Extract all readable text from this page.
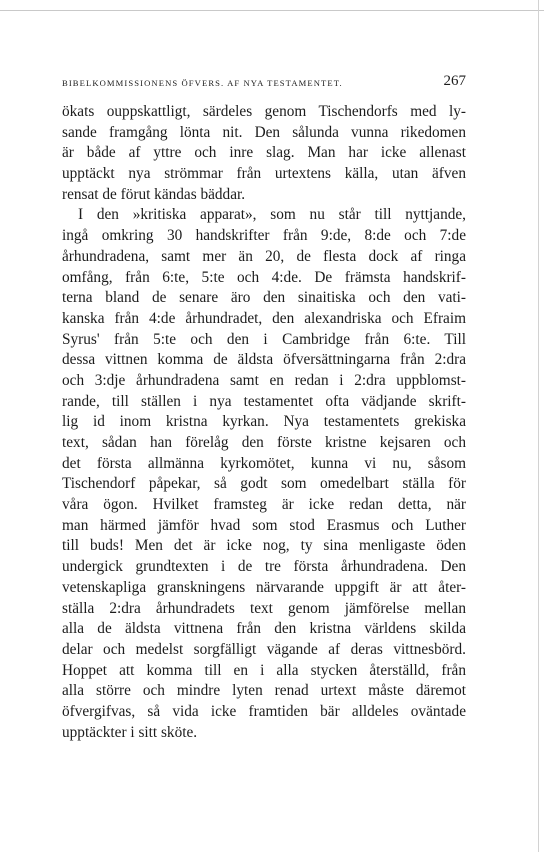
BIBELKOMMISSIONENS ÖFVERS. AF NYA TESTAMENTET.	267
ökats ouppskattligt, särdeles genom Tischendorfs med ly-
sande framgång lönta nit. Den sålunda vunna rikedomen
är både af yttre och inre slag. Man har icke allenast
upptäckt nya strömmar från urtextens källa, utan äfven
rensat de förut kändas bäddar.
I den »kritiska apparat», som nu står till nyttjande,
ingå omkring 30 handskrifter från 9:de, 8:de och 7:de
århundradena, samt mer än 20, de flesta dock af ringa
omfång, från 6:te, 5:te och 4:de. De främsta handskrif-
terna bland de senare äro den sinaitiska och den vati-
kanska från 4:de århundradet, den alexandriska och Efraim
Syrus' från 5:te och den i Cambridge från 6:te. Till
dessa vittnen komma de äldsta öfversättningarna från 2:dra
och 3:dje århundradena samt en redan i 2:dra uppblomst-
rande, till ställen i nya testamentet ofta vädjande skrift-
lig id inom kristna kyrkan. Nya testamentets grekiska
text, sådan han förelåg den förste kristne kejsaren och
det första allmänna kyrkomötet, kunna vi nu, såsom
Tischendorf påpekar, så godt som omedelbart ställa för
våra ögon. Hvilket framsteg är icke redan detta, när
man härmed jämför hvad som stod Erasmus och Luther
till buds! Men det är icke nog, ty sina menligaste öden
undergick grundtexten i de tre första århundradena. Den
vetenskapliga granskningens närvarande uppgift är att åter-
ställa 2:dra århundradets text genom jämförelse mellan
alla de äldsta vittnena från den kristna världens skilda
delar och medelst sorgfälligt vägande af deras vittnesbörd.
Hoppet att komma till en i alla stycken återställd, från
alla större och mindre lyten renad urtext måste däremot
öfvergifvas, så vida icke framtiden bär alldeles oväntade
upptäckter i sitt sköte.
